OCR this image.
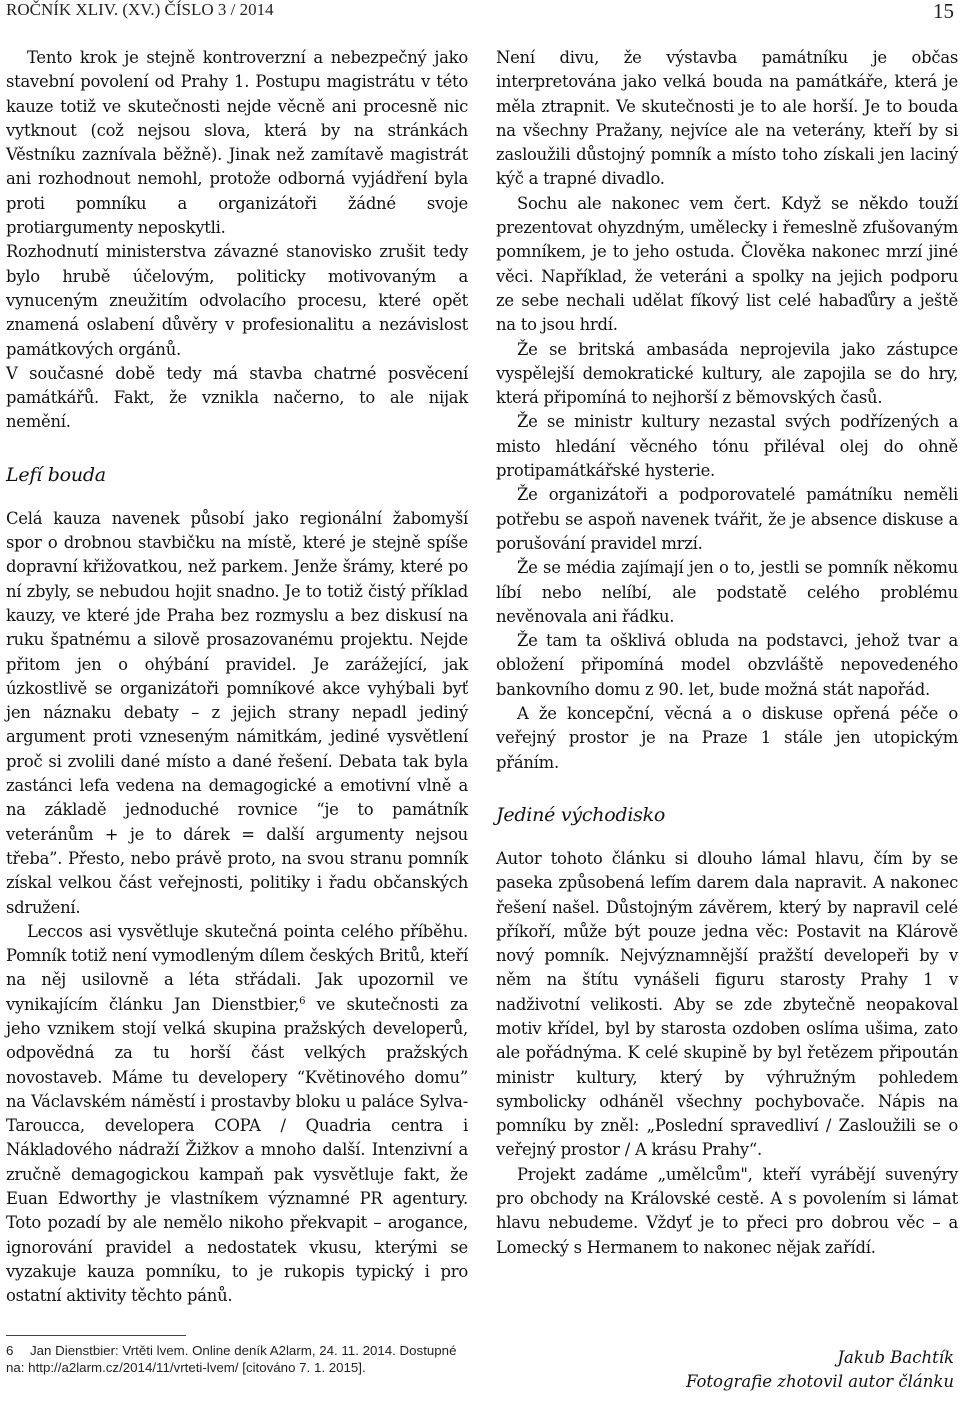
ROČNÍK XLIV. (XV.) ČÍSLO 3 / 2014	15

Tento krok je stejně kontroverzní a nebezpečný jako stavební povolení od Prahy 1. Postupu magistrátu v této kauze totiž ve skutečnosti nejde věcně ani procesně nic vytknout (což nejsou slova, která by na stránkách Věstníku zaznívala běžně). Jinak než zamítavě magistrát ani rozhodnout nemohl, protože odborná vyjádření byla proti pomníku a organizátoři žádné svoje protiargumenty neposkytli.

Rozhodnutí ministerstva závazné stanovisko zrušit tedy bylo hrubě účelovým, politicky motivovaným a vynuceným zneužitím odvolacího procesu, které opět znamená oslabení důvěry v profesionalitu a nezávislost památkových orgánů.

V současné době tedy má stavba chatrné posvěcení památkářů. Fakt, že vznikla načerno, to ale nijak nemění.

Lefí bouda

Celá kauza navenek působí jako regionální žabomyší spor o drobnou stavbičku na místě, které je stejně spíše dopravní křižovatkou, než parkem. Jenže šrámy, které po ní zbyly, se nebudou hojit snadno. Je to totiž čistý příklad kauzy, ve které jde Praha bez rozmyslu a bez diskusí na ruku špatnému a silově prosazovanému projektu. Nejde přitom jen o ohýbání pravidel. Je zarážející, jak úzkostlivě se organizátoři pomníkové akce vyhýbali byť jen náznaku debaty – z jejich strany nepadl jediný argument proti vzneseným námitkám, jediné vysvětlení proč si zvolili dané místo a dané řešení. Debata tak byla zastánci lefa vedena na demagogické a emotivní vlně a na základě jednoduché rovnice “je to památník veteránům + je to dárek = další argumenty nejsou třeba”. Přesto, nebo právě proto, na svou stranu pomník získal velkou část veřejnosti, politiky i řadu občanských sdružení.

Leccos asi vysvětluje skutečná pointa celého příběhu. Pomník totiž není vymodleným dílem českých Britů, kteří na něj usilovně a léta střádali. Jak upozornil ve vynikajícím článku Jan Dienstbier,$^6$ ve skutečnosti za jeho vznikem stojí velká skupina pražských developerů, odpovědná za tu horší část velkých pražských novostaveb. Máme tu developery “Květinového domu” na Václavském náměstí i prostavby bloku u paláce Sylva-Taroucca, developera COPA / Quadria centra i Nákladového nádraží Žižkov a mnoho další. Intenzivní a zručně demagogickou kampaň pak vysvětluje fakt, že Euan Edworthy je vlastníkem významné PR agentury. Toto pozadí by ale nemělo nikoho překvapit – arogance, ignorování pravidel a nedostatek vkusu, kterými se vyzakuje kauza pomníku, to je rukopis typický i pro ostatní aktivity těchto pánů.

Není divu, že výstavba památníku je občas interpretována jako velká bouda na památkáře, která je měla ztrapnit. Ve skutečnosti je to ale horší. Je to bouda na všechny Pražany, nejvíce ale na veterány, kteří by si zasloužili důstojný pomník a místo toho získali jen laciný kýč a trapné divadlo.

Sochu ale nakonec vem čert. Když se někdo touží prezentovat ohyzdným, umělecky i řemeslně zfušovaným pomníkem, je to jeho ostuda. Člověka nakonec mrzí jiné věci. Například, že veteráni a spolky na jejich podporu ze sebe nechali udělat fíkový list celé habaďůry a ještě na to jsou hrdí.

Že se britská ambasáda neprojevila jako zástupce vyspělejší demokratické kultury, ale zapojila se do hry, která připomíná to nejhorší z běmovských časů.

Že se ministr kultury nezastal svých podřízených a misto hledání věcného tónu přiléval olej do ohně protipamátkářské hysterie.

Že organizátoři a podporovatelé památníku neměli potřebu se aspoň navenek tvářit, že je absence diskuse a porušování pravidel mrzí.

Že se média zajímají jen o to, jestli se pomník někomu líbí nebo nelíbí, ale podstatě celého problému nevěnovala ani řádku.

Že tam ta ošklivá obluda na podstavci, jehož tvar a obložení připomíná model obzvláště nepovedeného bankovního domu z 90. let, bude možná stát napořád.

A že koncepční, věcná a o diskuse opřená péče o veřejný prostor je na Praze 1 stále jen utopickým přáním.

Jediné východisko

Autor tohoto článku si dlouho lámal hlavu, čím by se paseka způsobená lefím darem dala napravit. A nakonec řešení našel. Důstojným závěrem, který by napravil celé příkoří, může být pouze jedna věc: Postavit na Klárově nový pomník. Nejvýznamnější pražští developeři by v něm na štítu vynášeli figuru starosty Prahy 1 v nadživotní velikosti. Aby se zde zbytečně neopakoval motiv křídel, byl by starosta ozdoben oslíma ušima, zato ale pořádnýma. K celé skupině by byl řetězem připoután ministr kultury, který by výhružným pohledem symbolicky odháněl všechny pochybovače. Nápis na pomníku by zněl: „Poslední spravedliví / Zasloužili se o veřejný prostor / A krásu Prahy“.

Projekt zadáme „umělcům", kteří vyrábějí suvenýry pro obchody na Královské cestě. A s povolením si lámat hlavu nebudeme. Vždyť je to přeci pro dobrou věc – a Lomecký s Hermanem to nakonec nějak zařídí.

6 Jan Dienstbier: Vrtěti lvem. Online deník A2larm, 24. 11. 2014. Dostupné na: http://a2larm.cz/2014/11/vrteti-lvem/ [citováno 7. 1. 2015].
Jakub Bachtík
Fotografie zhotovil autor článku
